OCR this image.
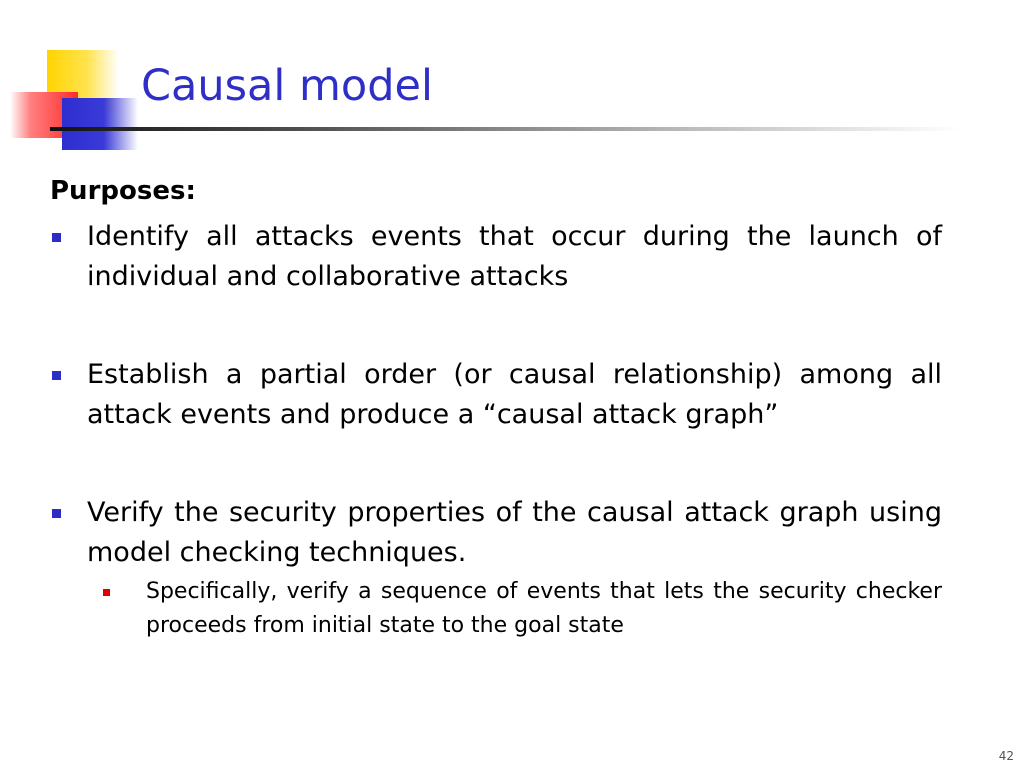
Causal model

Purposes:

Identify all attacks events that occur during the launch of individual and collaborative attacks
Establish a partial order (or causal relationship) among all attack events and produce a “causal attack graph”
Verify the security properties of the causal attack graph using model checking techniques.
Specifically, verify a sequence of events that lets the security checker proceeds from initial state to the goal state
42
